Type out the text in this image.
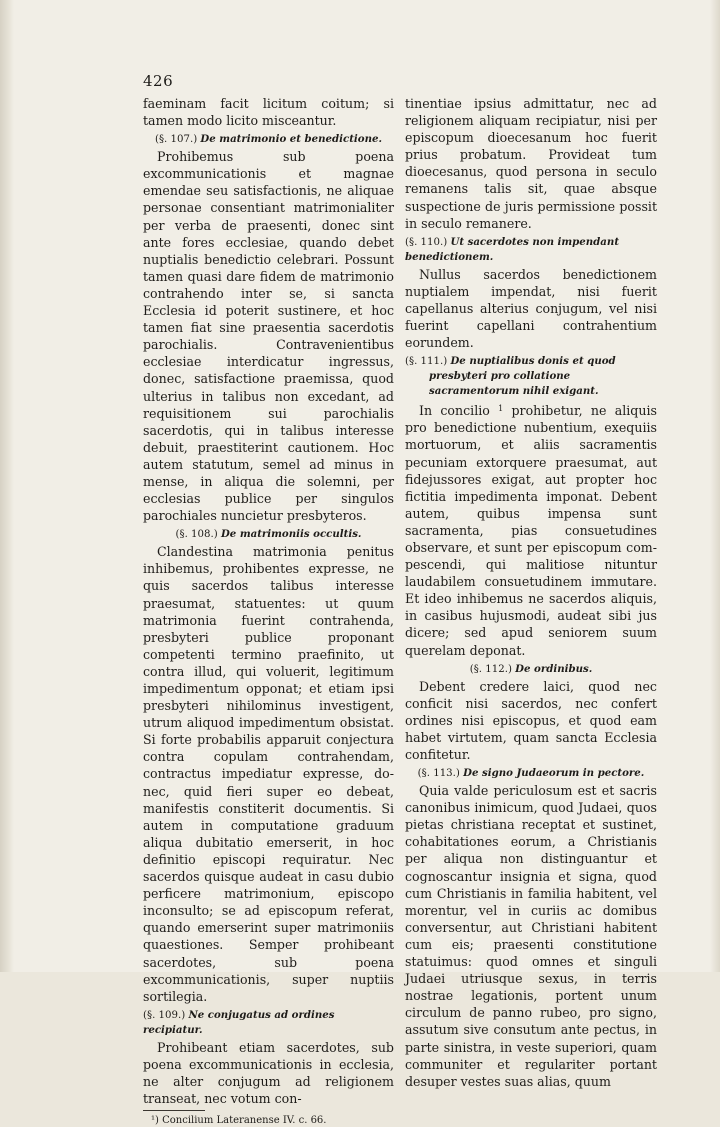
426

faeminam facit licitum coitum; si tamen modo licito misceantur.

(§. 107.) De matrimonio et benedictione.

Prohibemus sub poena excommunicationis et magnae emendae seu satisfactionis, ne aliquae personae consentiant matrimonialiter per verba de praesenti, donec sint ante fores ecclesiae, quando debet nuptialis benedictio celebrari. Possunt tamen quasi dare fidem de matrimonio contrahendo inter se, si sancta Ecclesia id poterit sustinere, et hoc tamen fiat sine praesentia sacerdotis parochialis. Contravenientibus ecclesiae interdicatur ingressus, donec, satisfactione praemissa, quod ulterius in talibus non excedant, ad requisitionem sui parochialis sacerdotis, qui in talibus interesse debuit, praestiterint cautionem. Hoc autem statutum, semel ad minus in mense, in aliqua die solemni, per ecclesias publice per singulos parochiales nuncietur presbyteros.

(§. 108.) De matrimoniis occultis.

Clandestina matrimonia penitus inhibemus, prohibentes expresse, ne quis sacerdos talibus interesse praesumat, statuentes: ut quum matrimonia fuerint contrahenda, presbyteri publice proponant competenti termino praefinito, ut contra illud, qui voluerit, legitimum impedimentum opponat; et etiam ipsi presbyteri nihilominus investigent, utrum aliquod impedimentum obsistat. Si forte probabilis apparuit conjectura contra copulam contrahendam, contractus impediatur expresse, donec, quid fieri super eo debeat, manifestis constiterit documentis. Si autem in computatione graduum aliqua dubitatio emerserit, in hoc definitio episcopi requiratur. Nec sacerdos quisque audeat in casu dubio perficere matrimonium, episcopo inconsulto; se ad episcopum referat, quando emerserint super matrimoniis quaestiones. Semper prohibeant sacerdotes, sub poena excommunicationis, super nuptiis sortilegia.

(§. 109.) Ne conjugatus ad ordines recipiatur.

Prohibeant etiam sacerdotes, sub poena excommunicationis in ecclesia, ne alter conjugum ad religionem transeat, nec votum con-

¹) Concilium Lateranense IV. c. 66.

tinentiae ipsius admittatur, nec ad religionem aliquam recipiatur, nisi per episcopum dioecesanum hoc fuerit prius probatum. Provideat tum dioecesanus, quod persona in seculo remanens talis sit, quae absque suspectione de juris permissione possit in seculo remanere.

(§. 110.) Ut sacerdotes non impendant benedictionem.

Nullus sacerdos benedictionem nuptialem impendat, nisi fuerit capellanus alterius conjugum, vel nisi fuerint capellani contrahentium eorundem.

(§. 111.) De nuptialibus donis et quod presbyteri pro collatione sacramentorum nihil exigant.

In concilio $^1$ prohibetur, ne aliquis pro benedictione nubentium, exequiis mortuorum, et aliis sacramentis pecuniam extorquere praesumat, aut fidejussores exigat, aut propter hoc fictitia impedimenta imponat. Debent autem, quibus impensa sunt sacramenta, pias consuetudines observare, et sunt per episcopum compescendi, qui malitiose nituntur laudabilem consuetudinem immutare. Et ideo inhibemus ne sacerdos aliquis, in casibus hujusmodi, audeat sibi jus dicere; sed apud seniorem suum querelam deponat.

(§. 112.) De ordinibus.

Debent credere laici, quod nec conficit nisi sacerdos, nec confert ordines nisi episcopus, et quod eam habet virtutem, quam sancta Ecclesia confitetur.

(§. 113.) De signo Judaeorum in pectore.

Quia valde periculosum est et sacris canonibus inimicum, quod Judaei, quos pietas christiana receptat et sustinet, cohabitationes eorum, a Christianis per aliqua non distinguantur et cognoscantur insignia et signa, quod cum Christianis in familia habitent, vel morentur, vel in curiis ac domibus conversentur, aut Christiani habitent cum eis; praesenti constitutione statuimus: quod omnes et singuli Judaei utriusque sexus, in terris nostrae legationis, portent unum circulum de panno rubeo, pro signo, assutum sive consutum ante pectus, in parte sinistra, in veste superiori, quam communiter et regulariter portant desuper vestes suas alias, quum
